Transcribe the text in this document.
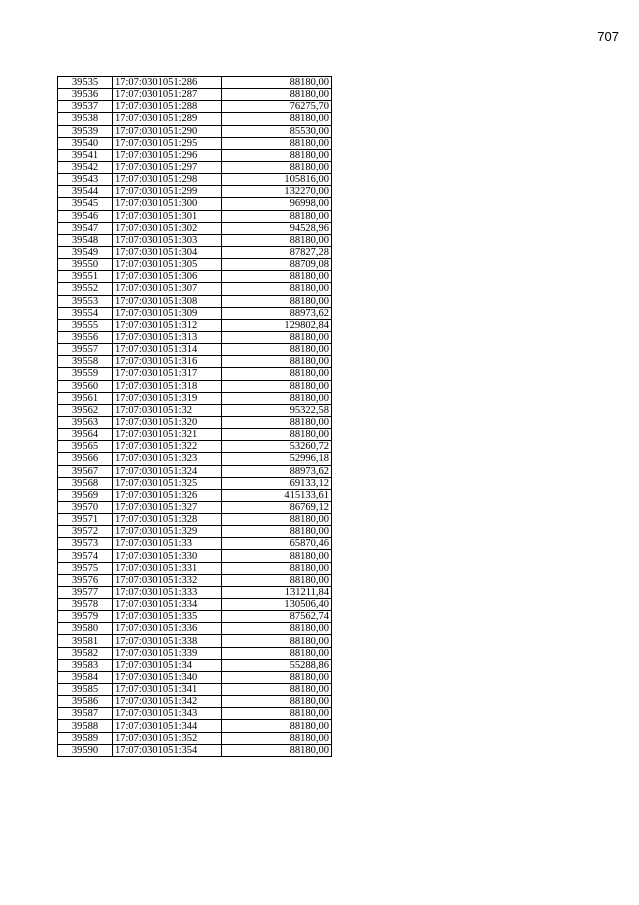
707
39535	17:07:0301051:286	88180,00
39536	17:07:0301051:287	88180,00
39537	17:07:0301051:288	76275,70
39538	17:07:0301051:289	88180,00
39539	17:07:0301051:290	85530,00
39540	17:07:0301051:295	88180,00
39541	17:07:0301051:296	88180,00
39542	17:07:0301051:297	88180,00
39543	17:07:0301051:298	105816,00
39544	17:07:0301051:299	132270,00
39545	17:07:0301051:300	96998,00
39546	17:07:0301051:301	88180,00
39547	17:07:0301051:302	94528,96
39548	17:07:0301051:303	88180,00
39549	17:07:0301051:304	87827,28
39550	17:07:0301051:305	88709,08
39551	17:07:0301051:306	88180,00
39552	17:07:0301051:307	88180,00
39553	17:07:0301051:308	88180,00
39554	17:07:0301051:309	88973,62
39555	17:07:0301051:312	129802,84
39556	17:07:0301051:313	88180,00
39557	17:07:0301051:314	88180,00
39558	17:07:0301051:316	88180,00
39559	17:07:0301051:317	88180,00
39560	17:07:0301051:318	88180,00
39561	17:07:0301051:319	88180,00
39562	17:07:0301051:32	95322,58
39563	17:07:0301051:320	88180,00
39564	17:07:0301051:321	88180,00
39565	17:07:0301051:322	53260,72
39566	17:07:0301051:323	52996,18
39567	17:07:0301051:324	88973,62
39568	17:07:0301051:325	69133,12
39569	17:07:0301051:326	415133,61
39570	17:07:0301051:327	86769,12
39571	17:07:0301051:328	88180,00
39572	17:07:0301051:329	88180,00
39573	17:07:0301051:33	65870,46
39574	17:07:0301051:330	88180,00
39575	17:07:0301051:331	88180,00
39576	17:07:0301051:332	88180,00
39577	17:07:0301051:333	131211,84
39578	17:07:0301051:334	130506,40
39579	17:07:0301051:335	87562,74
39580	17:07:0301051:336	88180,00
39581	17:07:0301051:338	88180,00
39582	17:07:0301051:339	88180,00
39583	17:07:0301051:34	55288,86
39584	17:07:0301051:340	88180,00
39585	17:07:0301051:341	88180,00
39586	17:07:0301051:342	88180,00
39587	17:07:0301051:343	88180,00
39588	17:07:0301051:344	88180,00
39589	17:07:0301051:352	88180,00
39590	17:07:0301051:354	88180,00
